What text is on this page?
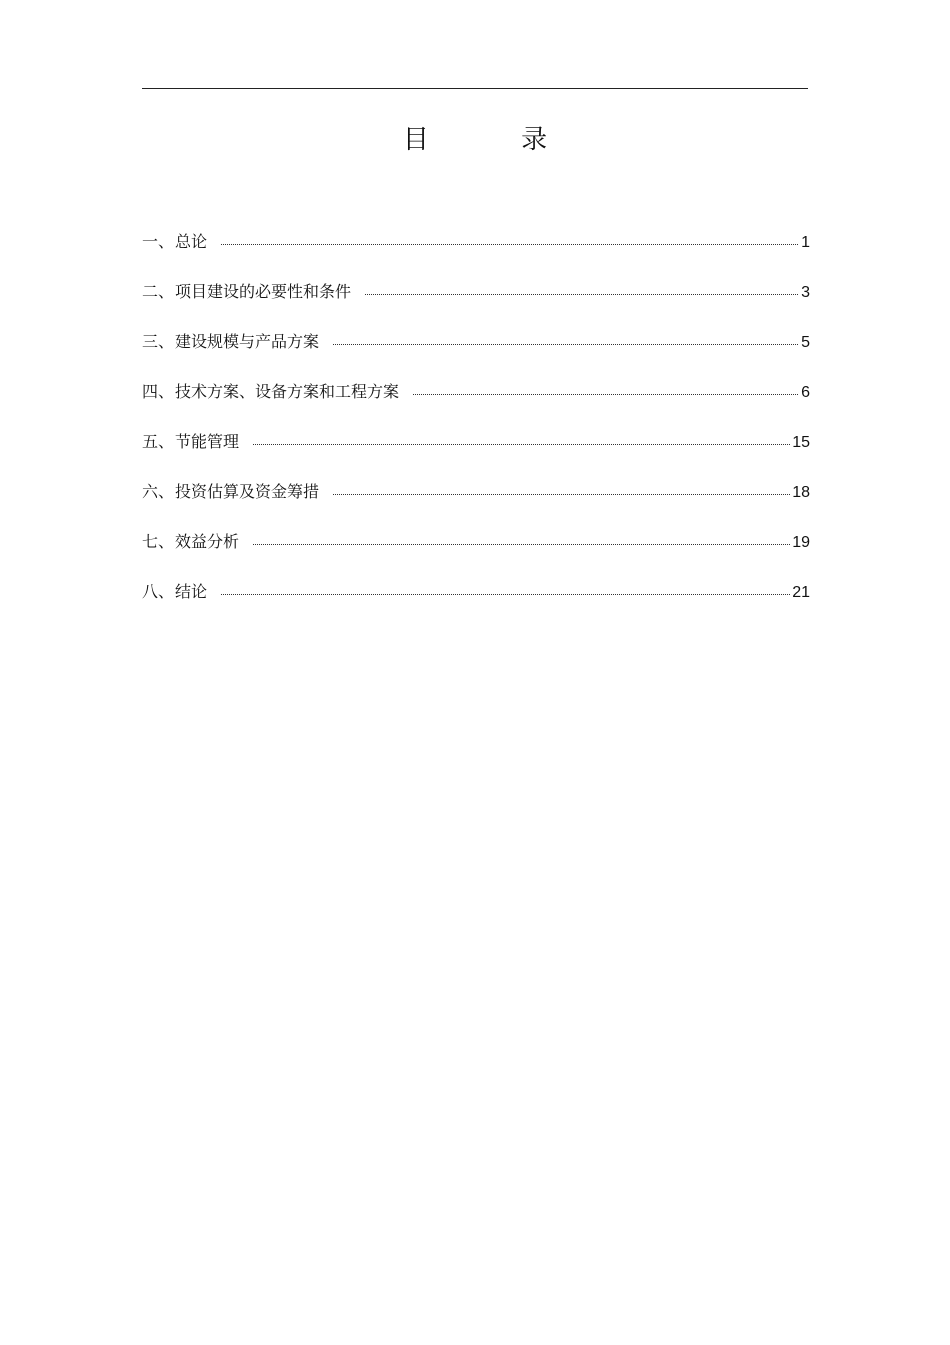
目 录
一 、 总论	1
二 、 项目建设的必要性和条件	3
三 、 建设规模与产品方案	5
四 、 技术方案、设备方案和工程方案	6
五 、 节能管理	15
六 、 投资估算及资金筹措	18
七 、 效益分析	19
八 、 结论	21
